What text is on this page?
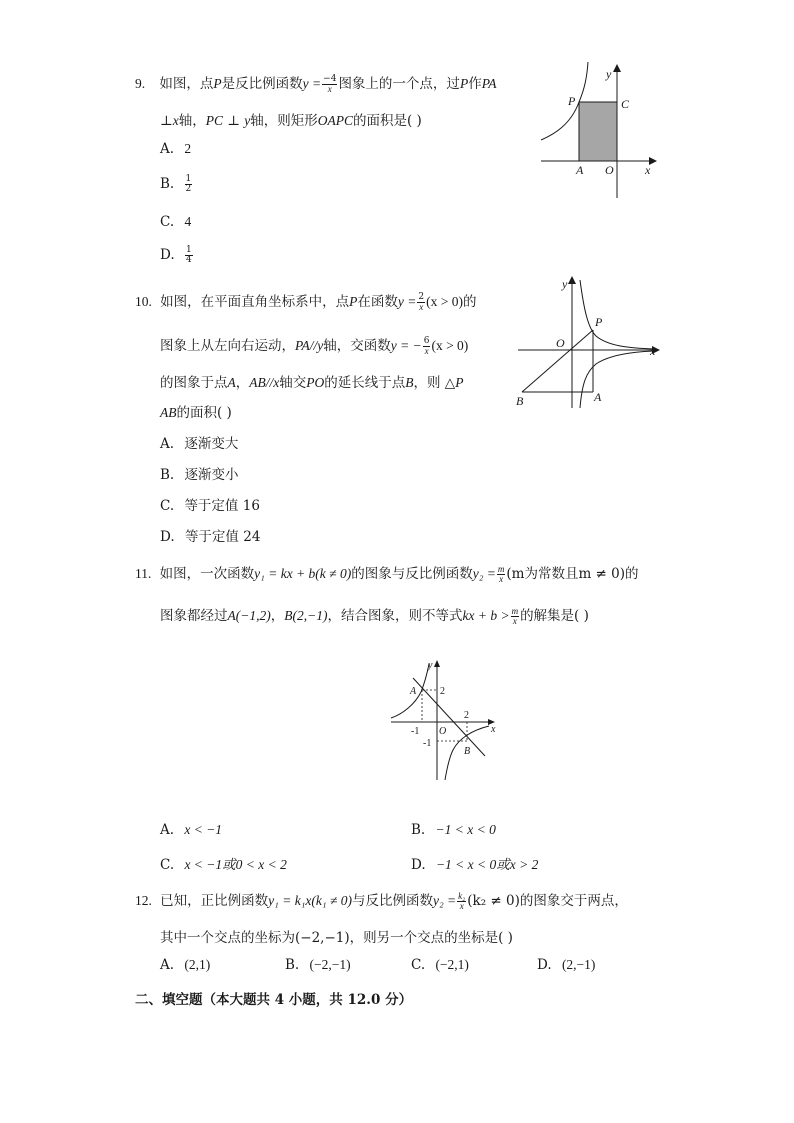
9. 如图，点P是反比例函数$y = \frac{-4}{x}$ 图象上的一个点，过P作PA
⊥x轴，PC ⊥ y轴，则矩形OAPC的面积是( )
A. 2
B. $\frac{1}{2}$
C. 4
D. $\frac{1}{4}$
y
P	C
A O	x
10. 如图，在平面直角坐标系中，点P在函数$y = \frac{2}{x} (x > 0)$的
图象上从左向右运动，PA//y轴，交函数y = − $\frac{6}{x} (x > 0)$
的图象于点A，AB//x轴交PO的延长线于点B，则 △P
AB的面积( )
A. 逐渐变大
B. 逐渐变小
C. 等于定值 16
D. 等于定值 24
y
P
O
x
B	A
11. 如图，一次函数y₁ = kx + b(k ≠ 0)的图象与反比例函数$y_2 = \frac{m}{x} (m$为常数且m ≠ 0)的
图象都经过A(−1,2)，B(2,−1)，结合图象，则不等式kx + $b > \frac{m}{x}$ 的解集是( )
y
A 2
2
x
-1 O
-1
B
A. x < −1	B. −1 < x < 0
C. x < −1或0 < x < 2	D. −1 < x < 0或x > 2
12. 已知，正比例函数y₁ = k₁x(k₁ ≠ 0)与反比例函数$y_2 = \frac{\text{k₂}}{x} (k_2 \ne 0)$的图象交于两点，
其中一个交点的坐标为(−2,−1)，则另一个交点的坐标是( )
A. (2,1)	B. (−2,−1)	C. (−2,1)	D. (2,−1)
二、填空题（本大题共 4 小题，共 12.0 分）
